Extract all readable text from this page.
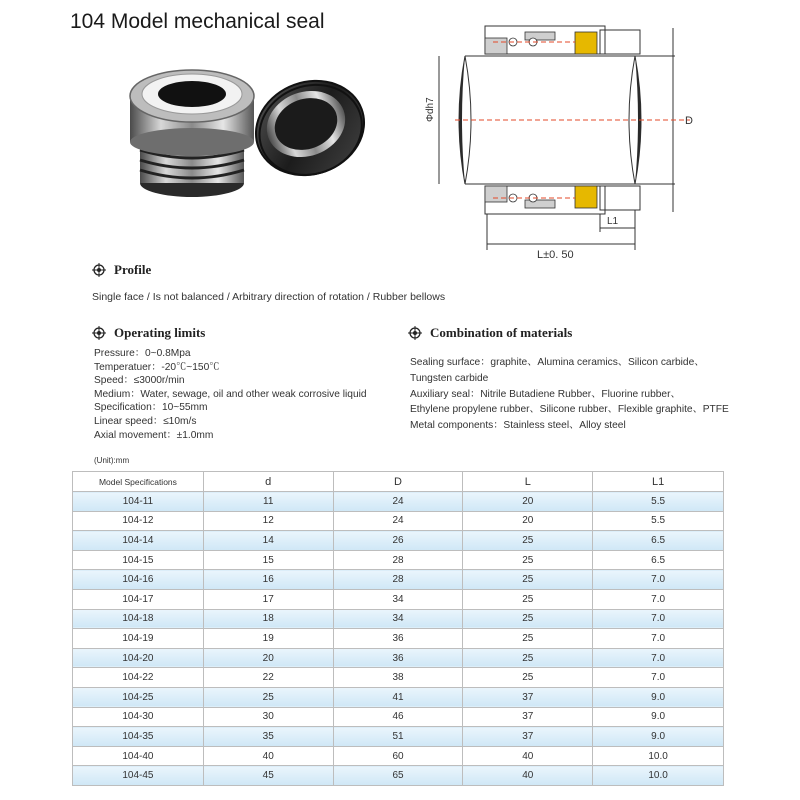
104 Model mechanical seal
Φdh7	D
L±0. 50
L1
Profile
Single face / Is not balanced / Arbitrary direction of rotation / Rubber bellows
Operating limits
Pressure：0~0.8Mpa
Temperatuer：-20℃~150℃
Speed：≤3000r/min
Medium：Water, sewage, oil and other weak corrosive liquid
Specification：10~55mm
Linear speed：≤10m/s
Axial movement：±1.0mm
Combination of materials
Sealing surface：graphite、Alumina ceramics、Silicon carbide、
Tungsten carbide
Auxiliary seal：Nitrile Butadiene Rubber、Fluorine rubber、
Ethylene propylene rubber、Silicone rubber、Flexible graphite、PTFE
Metal components：Stainless steel、Alloy steel
(Unit):mm
Model Specifications	d	D	L	L1
104-11	11	24	20	5.5
104-12	12	24	20	5.5
104-14	14	26	25	6.5
104-15	15	28	25	6.5
104-16	16	28	25	7.0
104-17	17	34	25	7.0
104-18	18	34	25	7.0
104-19	19	36	25	7.0
104-20	20	36	25	7.0
104-22	22	38	25	7.0
104-25	25	41	37	9.0
104-30	30	46	37	9.0
104-35	35	51	37	9.0
104-40	40	60	40	10.0
104-45	45	65	40	10.0
